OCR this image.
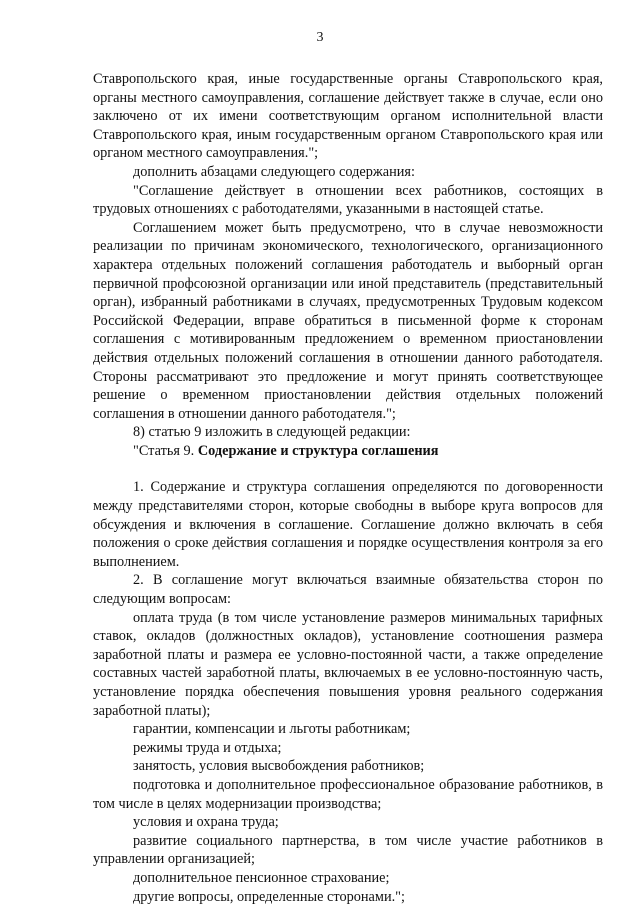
3

Ставропольского края, иные государственные органы Ставропольского края, органы местного самоуправления, соглашение действует также в случае, если оно заключено от их имени соответствующим органом исполнительной власти Ставропольского края, иным государственным органом Ставропольского края или органом местного самоуправления.";

дополнить абзацами следующего содержания:

"Соглашение действует в отношении всех работников, состоящих в трудовых отношениях с работодателями, указанными в настоящей статье.

Соглашением может быть предусмотрено, что в случае невозможности реализации по причинам экономического, технологического, организационного характера отдельных положений соглашения работодатель и выборный орган первичной профсоюзной организации или иной представитель (представительный орган), избранный работниками в случаях, предусмотренных Трудовым кодексом Российской Федерации, вправе обратиться в письменной форме к сторонам соглашения с мотивированным предложением о временном приостановлении действия отдельных положений соглашения в отношении данного работодателя. Стороны рассматривают это предложение и могут принять соответствующее решение о временном приостановлении действия отдельных положений соглашения в отношении данного работодателя.";

8) статью 9 изложить в следующей редакции:

"Статья 9. Содержание и структура соглашения

1. Содержание и структура соглашения определяются по договоренности между представителями сторон, которые свободны в выборе круга вопросов для обсуждения и включения в соглашение. Соглашение должно включать в себя положения о сроке действия соглашения и порядке осуществления контроля за его выполнением.

2. В соглашение могут включаться взаимные обязательства сторон по следующим вопросам:

оплата труда (в том числе установление размеров минимальных тарифных ставок, окладов (должностных окладов), установление соотношения размера заработной платы и размера ее условно-постоянной части, а также определение составных частей заработной платы, включаемых в ее условно-постоянную часть, установление порядка обеспечения повышения уровня реального содержания заработной платы);

гарантии, компенсации и льготы работникам;

режимы труда и отдыха;

занятость, условия высвобождения работников;

подготовка и дополнительное профессиональное образование работников, в том числе в целях модернизации производства;

условия и охрана труда;

развитие социального партнерства, в том числе участие работников в управлении организацией;

дополнительное пенсионное страхование;

другие вопросы, определенные сторонами.";
